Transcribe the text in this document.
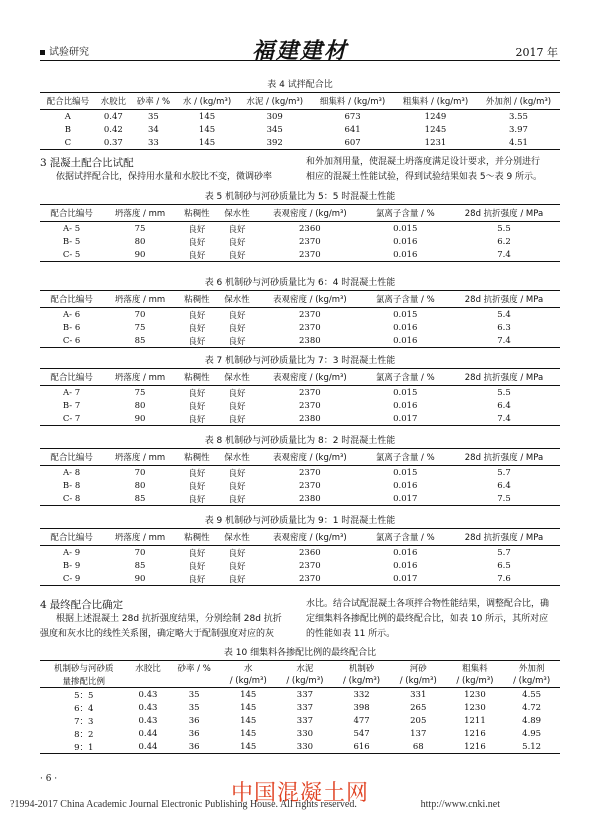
试验研究	福建建材	2017 年
表 4 试拌配合比
配合比编号	水胶比	砂率 / %	水 / (kg/m³)	水泥 / (kg/m³)	细集料 / (kg/m³)	粗集料 / (kg/m³)	外加剂 / (kg/m³)
A	0.47	35	145	309	673	1249	3.55
B	0.42	34	145	345	641	1245	3.97
C	0.37	33	145	392	607	1231	4.51
3 混凝土配合比试配
依据试拌配合比，保持用水量和水胶比不变，微调砂率
和外加剂用量，使混凝土坍落度满足设计要求，并分别进行
相应的混凝土性能试验，得到试验结果如表 5～表 9 所示。
表 5 机制砂与河砂质量比为 5：5 时混凝土性能
配合比编号	坍落度 / mm	粘稠性	保水性	表观密度 / (kg/m³)	氯离子含量 / %	28d 抗折强度 / MPa
A- 5	75	良好	良好	2360	0.015	5.5
B- 5	80	良好	良好	2370	0.016	6.2
C- 5	90	良好	良好	2370	0.016	7.4
表 6 机制砂与河砂质量比为 6：4 时混凝土性能
配合比编号	坍落度 / mm	粘稠性	保水性	表观密度 / (kg/m³)	氯离子含量 / %	28d 抗折强度 / MPa
A- 6	70	良好	良好	2370	0.015	5.4
B- 6	75	良好	良好	2370	0.016	6.3
C- 6	85	良好	良好	2380	0.016	7.4
表 7 机制砂与河砂质量比为 7：3 时混凝土性能
配合比编号	坍落度 / mm	粘稠性	保水性	表观密度 / (kg/m³)	氯离子含量 / %	28d 抗折强度 / MPa
A- 7	75	良好	良好	2370	0.015	5.5
B- 7	80	良好	良好	2370	0.016	6.4
C- 7	90	良好	良好	2380	0.017	7.4
表 8 机制砂与河砂质量比为 8：2 时混凝土性能
配合比编号	坍落度 / mm	粘稠性	保水性	表观密度 / (kg/m³)	氯离子含量 / %	28d 抗折强度 / MPa
A- 8	70	良好	良好	2370	0.015	5.7
B- 8	80	良好	良好	2370	0.016	6.4
C- 8	85	良好	良好	2380	0.017	7.5
表 9 机制砂与河砂质量比为 9：1 时混凝土性能
配合比编号	坍落度 / mm	粘稠性	保水性	表观密度 / (kg/m³)	氯离子含量 / %	28d 抗折强度 / MPa
A- 9	70	良好	良好	2360	0.016	5.7
B- 9	85	良好	良好	2370	0.016	6.5
C- 9	90	良好	良好	2370	0.017	7.6
4 最终配合比确定
根据上述混凝土 28d 抗折强度结果，分别绘制 28d 抗折
强度和灰水比的线性关系图，确定略大于配制强度对应的灰
水比。结合试配混凝土各项拌合物性能结果，调整配合比，确
定细集料各掺配比例的最终配合比，如表 10 所示，其所对应
的性能如表 11 所示。
表 10 细集料各掺配比例的最终配合比
机制砂与河砂质	水胶比	砂率 / %	水	水泥	机制砂	河砂	粗集料	外加剂
量掺配比例			/ (kg/m³)	/ (kg/m³)	/ (kg/m³)	/ (kg/m³)	/ (kg/m³)	/ (kg/m³)
5：5	0.43	35	145	337	332	331	1230	4.55
6：4	0.43	35	145	337	398	265	1230	4.72
7：3	0.43	36	145	337	477	205	1211	4.89
8：2	0.44	36	145	330	547	137	1216	4.95
9：1	0.44	36	145	330	616	68	1216	5.12
· 6 ·
中国混凝土网
?1994-2017 China Academic Journal Electronic Publishing House. All rights reserved.	http://www.cnki.net
